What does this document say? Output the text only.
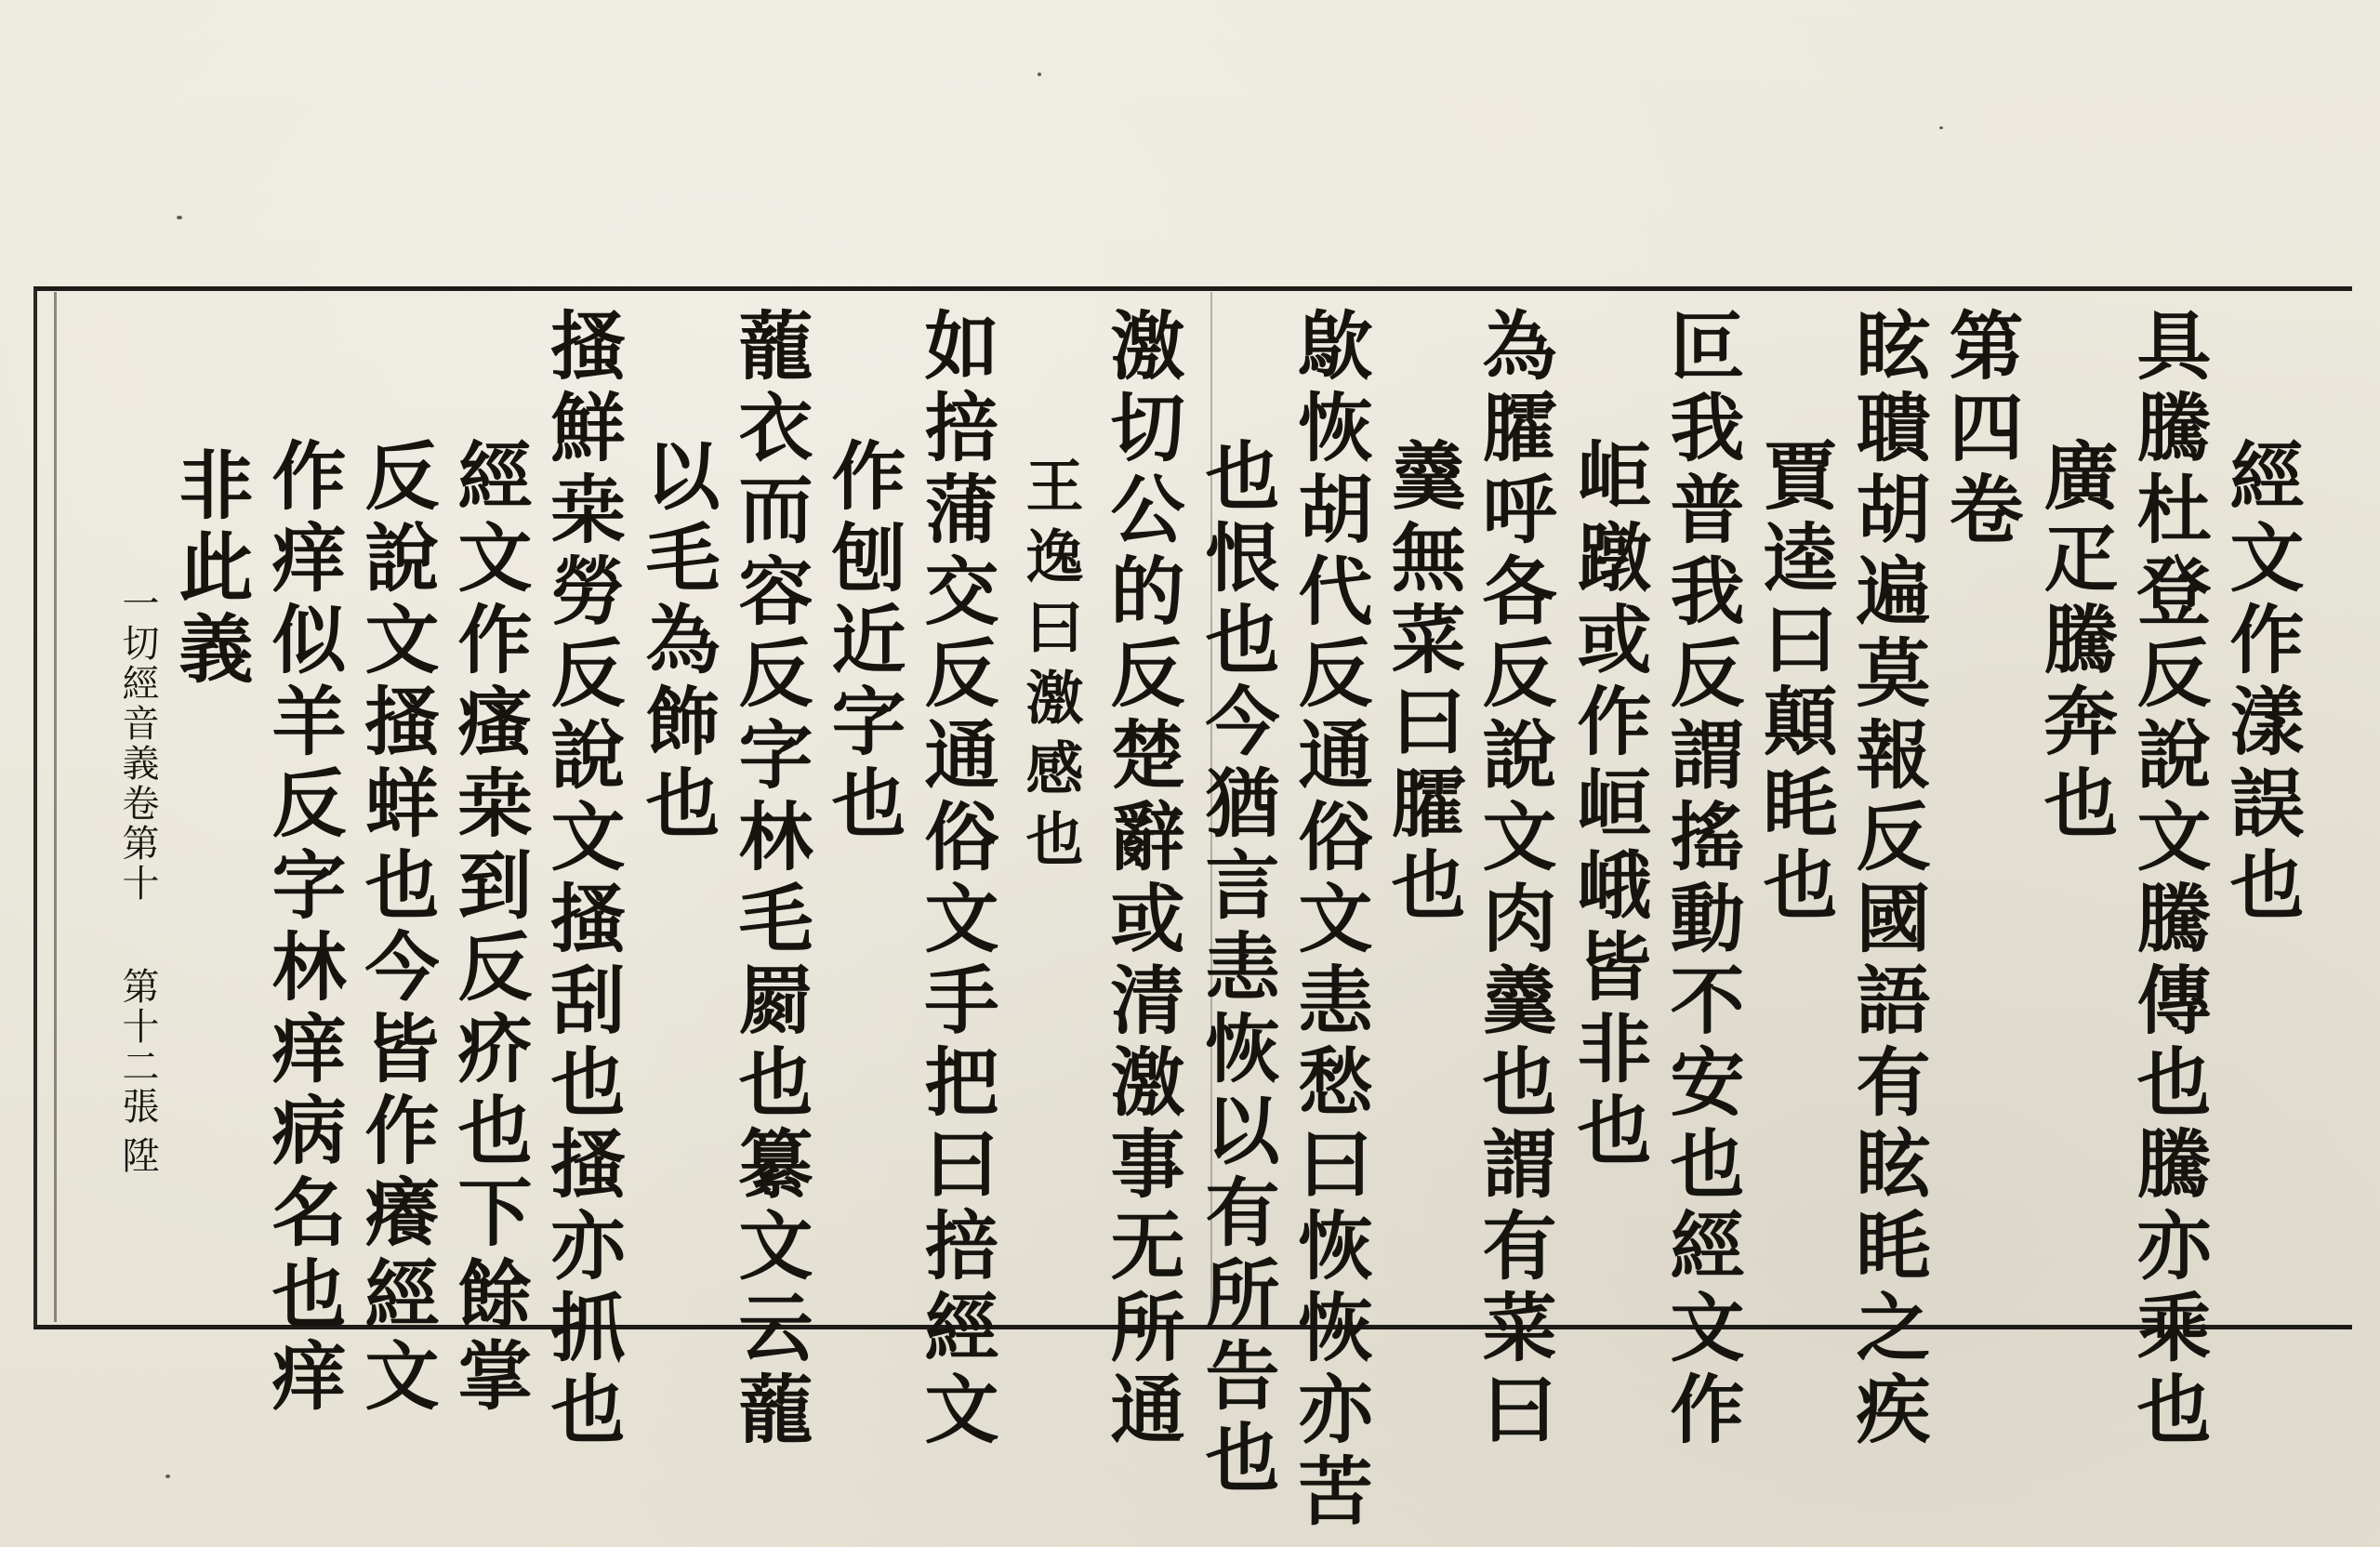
經文作漾誤也
具騰杜登反說文騰傳也騰亦乘也
廣疋騰奔也
第四卷
眩聵胡遍莫報反國語有眩眊之疾
賈逵曰顛眊也
叵我普我反謂搖動不安也經文作
岠蹾或作峘峨皆非也
為臛呼各反說文肉羹也謂有菜曰
羹無菜曰臛也
歍恢胡代反通俗文恚愁曰恢恢亦苦
也恨也今猶言恚恢以有所告也
激切公的反楚辭或清激事无所通
王逸曰激感也
如掊蒲交反通俗文手把曰掊經文
作刨近字也
蘢衣而容反字林毛罽也纂文云蘢
以毛為飾也
搔鮮桒勞反說文搔刮也搔亦抓也
經文作瘙桒到反疥也下餘掌
反說文搔蛘也今皆作癢經文
作痒似羊反字林痒病名也痒
非此義
一切經音義卷第十
第十二張
陞
